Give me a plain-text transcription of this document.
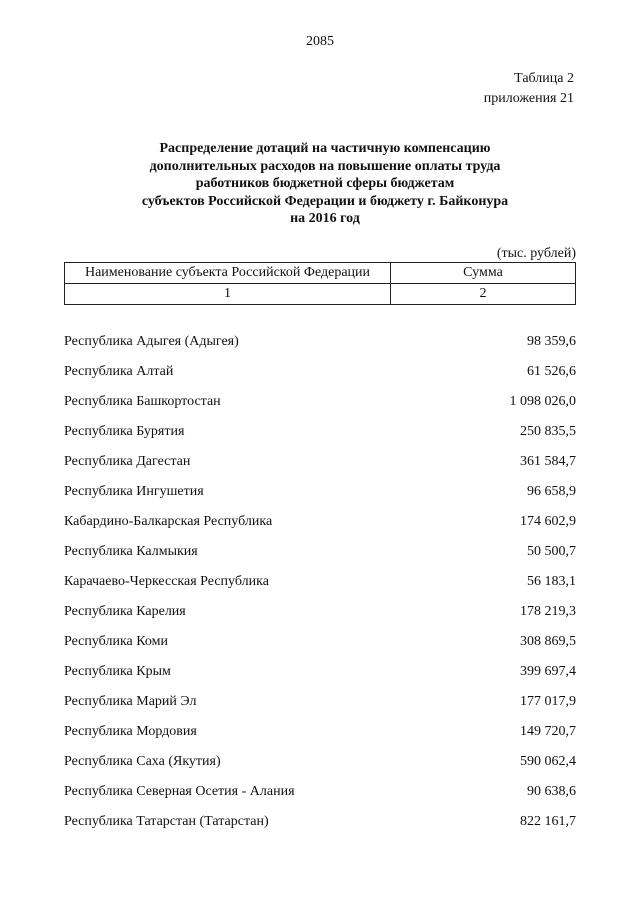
2085
Таблица 2
приложения 21
Распределение дотаций на частичную компенсацию
дополнительных расходов на повышение оплаты труда
работников бюджетной сферы бюджетам
субъектов Российской Федерации и бюджету г. Байконура
на 2016 год
(тыс. рублей)
Наименование субъекта Российской Федерации	Сумма
1	2
Республика Адыгея (Адыгея)	98 359,6
Республика Алтай	61 526,6
Республика Башкортостан	1 098 026,0
Республика Бурятия	250 835,5
Республика Дагестан	361 584,7
Республика Ингушетия	96 658,9
Кабардино-Балкарская Республика	174 602,9
Республика Калмыкия	50 500,7
Карачаево-Черкесская Республика	56 183,1
Республика Карелия	178 219,3
Республика Коми	308 869,5
Республика Крым	399 697,4
Республика Марий Эл	177 017,9
Республика Мордовия	149 720,7
Республика Саха (Якутия)	590 062,4
Республика Северная Осетия - Алания	90 638,6
Республика Татарстан (Татарстан)	822 161,7
